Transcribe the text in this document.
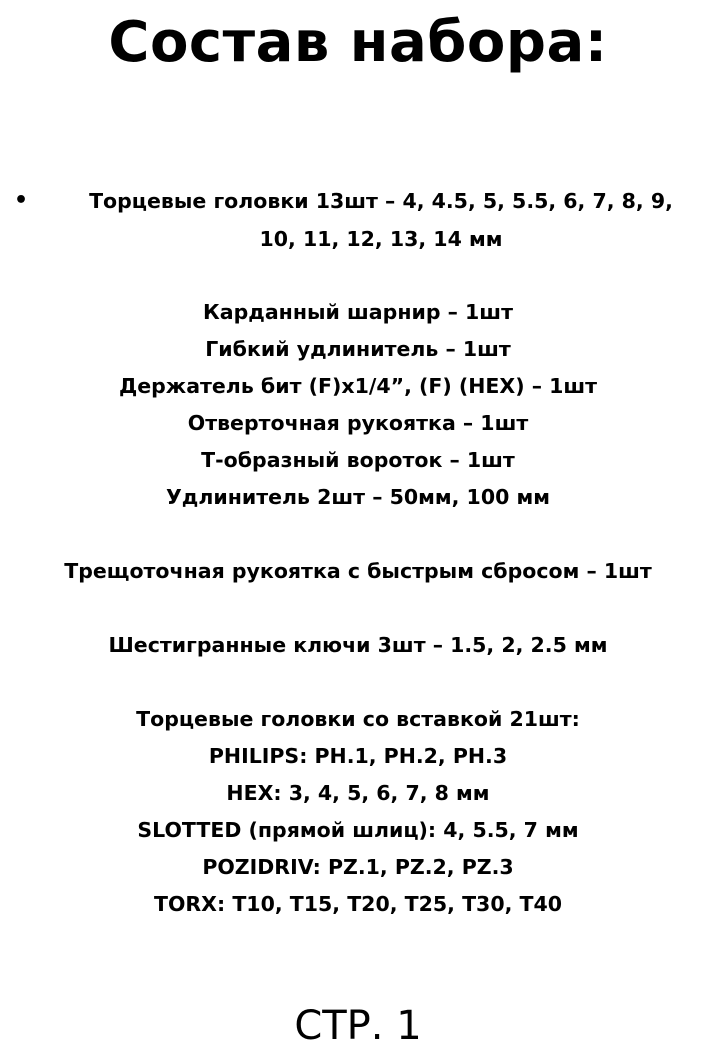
Состав набора:
•	Торцевые головки 13шт – 4, 4.5, 5, 5.5, 6, 7, 8, 9,

10, 11, 12, 13, 14 мм

Карданный шарнир – 1шт

Гибкий удлинитель – 1шт

Держатель бит (F)x1/4”, (F) (HEX) – 1шт

Отверточная рукоятка – 1шт

Т-образный вороток – 1шт

Удлинитель 2шт – 50мм, 100 мм

Трещоточная рукоятка с быстрым сбросом – 1шт

Шестигранные ключи 3шт – 1.5, 2, 2.5 мм

Торцевые головки со вставкой 21шт:

PHILIPS: PH.1, PH.2, PH.3

HEX: 3, 4, 5, 6, 7, 8 мм

SLOTTED (прямой шлиц): 4, 5.5, 7 мм

POZIDRIV: PZ.1, PZ.2, PZ.3

TORX: T10, T15, T20, T25, T30, T40

СТР. 1
